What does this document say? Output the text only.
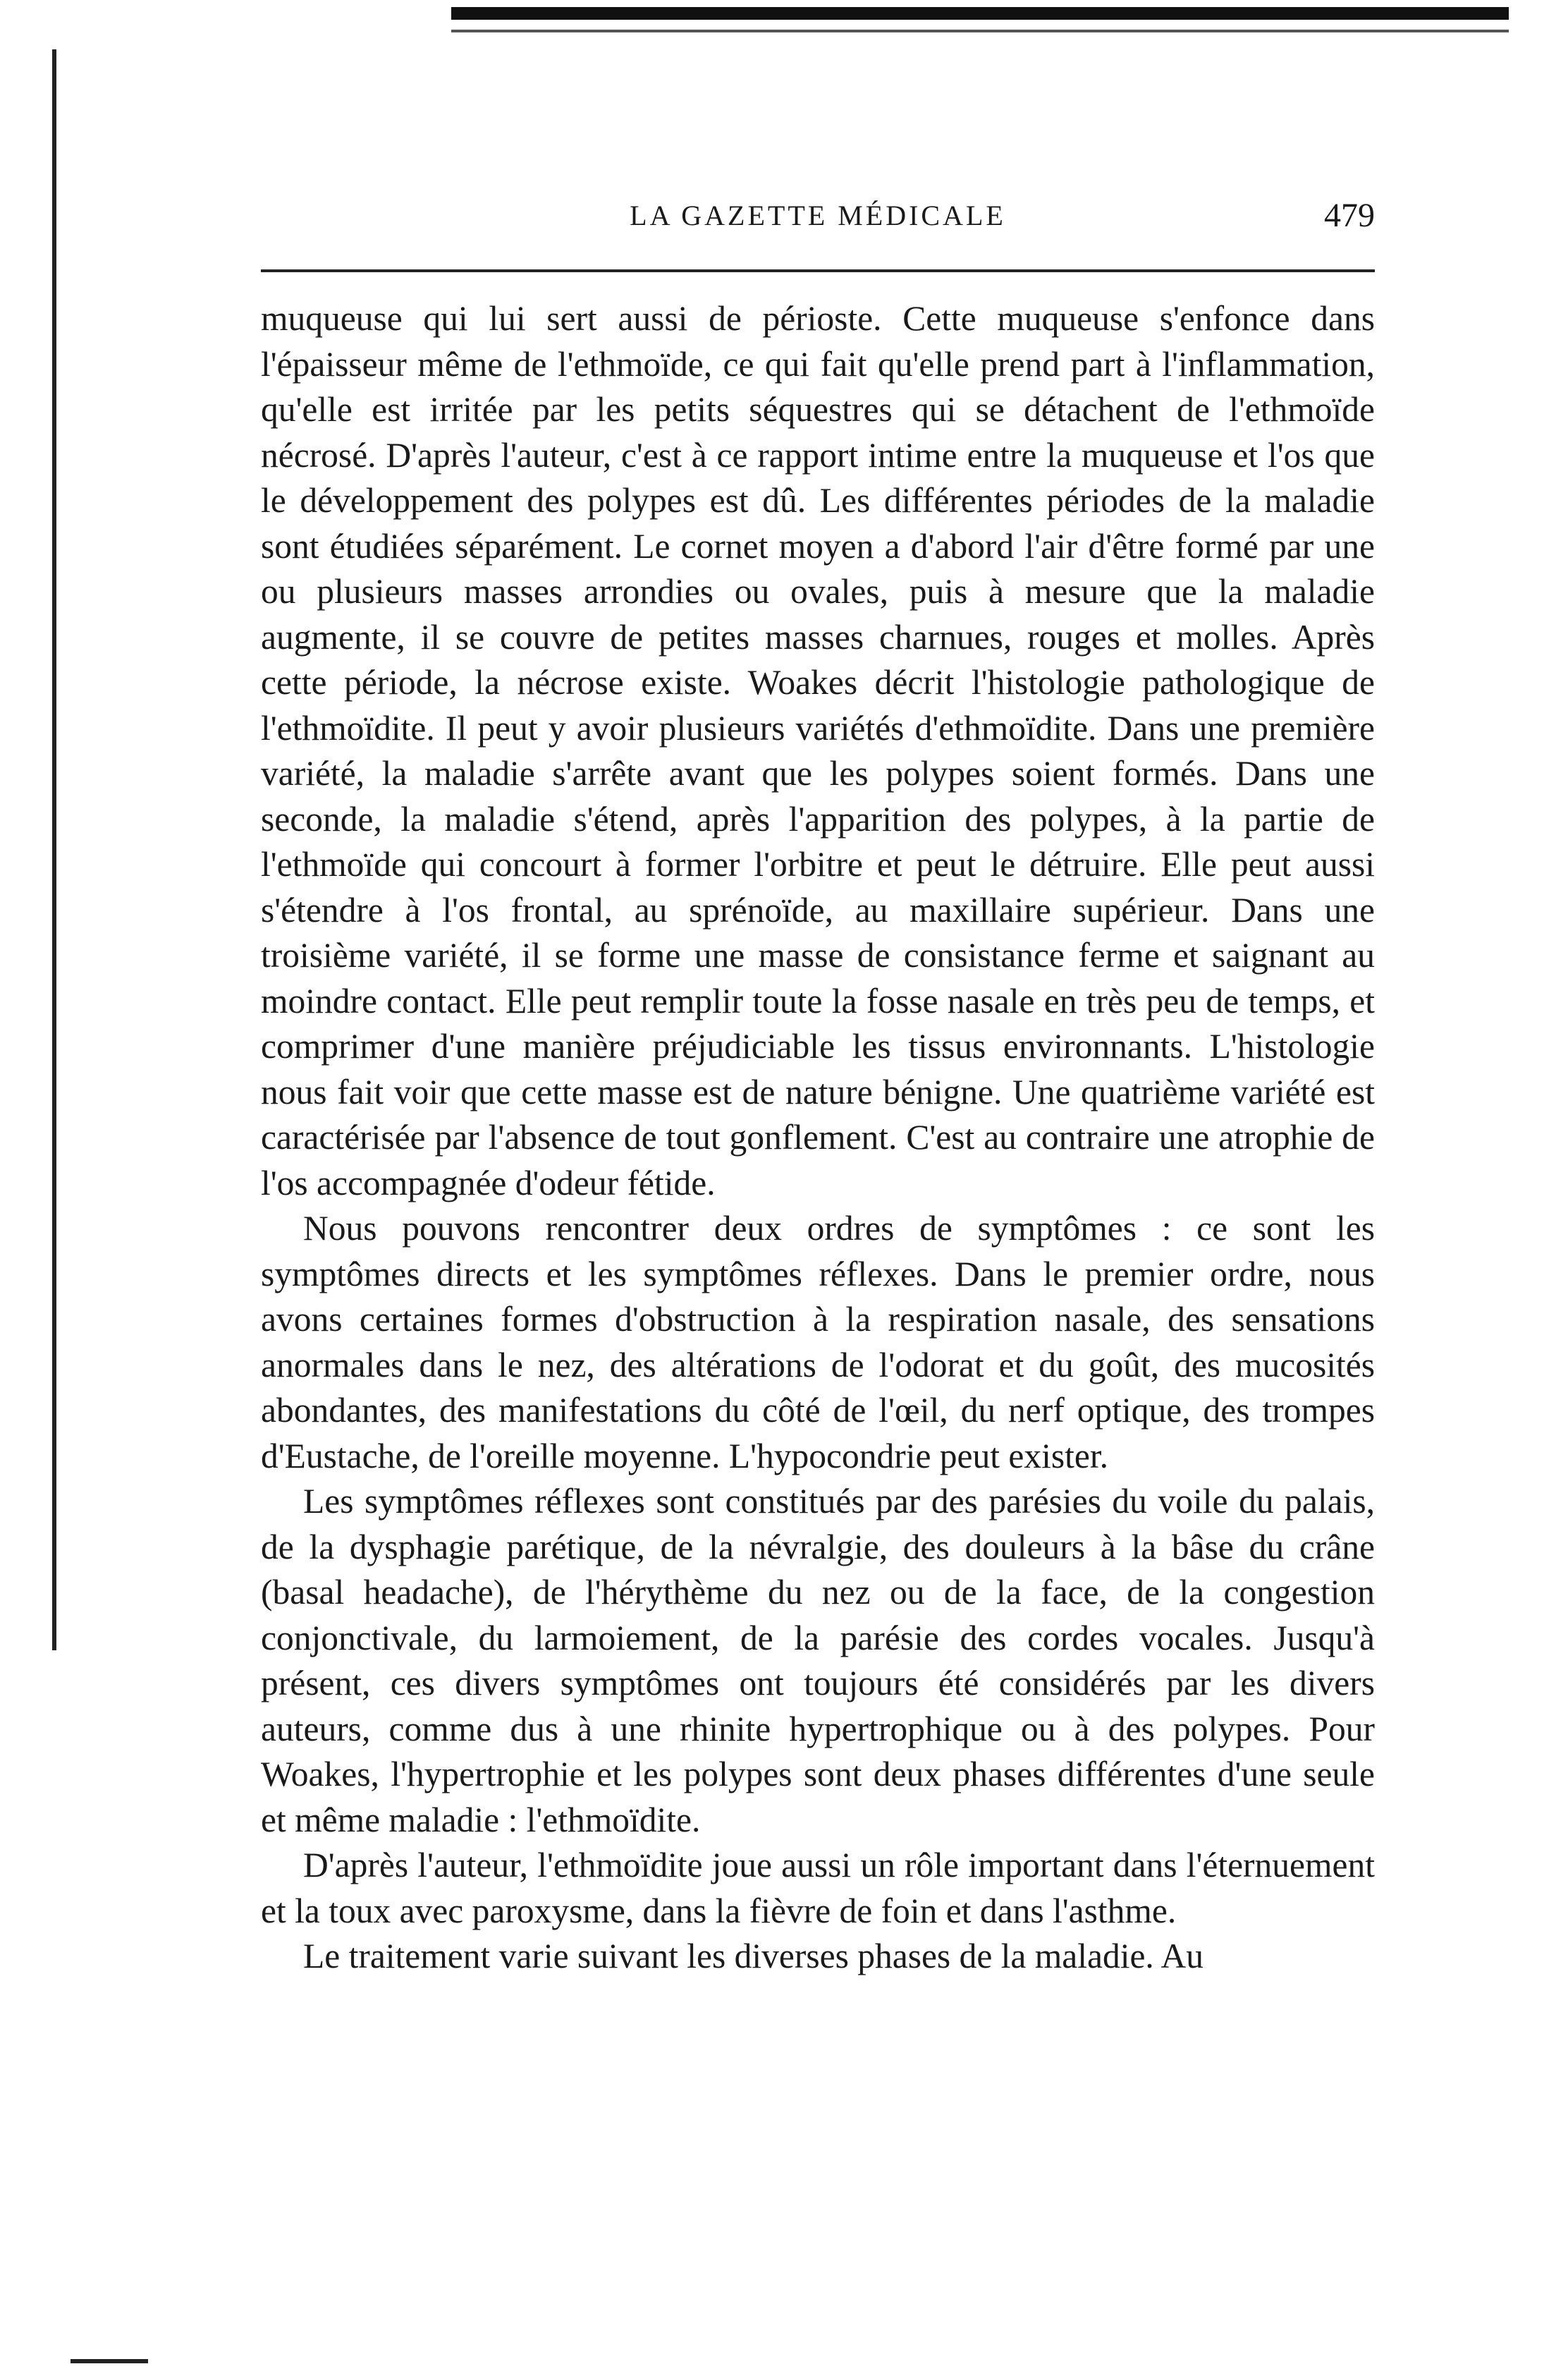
LA GAZETTE MÉDICALE	479

muqueuse qui lui sert aussi de périoste. Cette muqueuse s'enfonce dans l'épaisseur même de l'ethmoïde, ce qui fait qu'elle prend part à l'inflammation, qu'elle est irritée par les petits séquestres qui se détachent de l'ethmoïde nécrosé. D'après l'auteur, c'est à ce rapport intime entre la muqueuse et l'os que le développement des polypes est dû. Les différentes périodes de la maladie sont étudiées séparément. Le cornet moyen a d'abord l'air d'être formé par une ou plusieurs masses arrondies ou ovales, puis à mesure que la maladie augmente, il se couvre de petites masses charnues, rouges et molles. Après cette période, la nécrose existe. Woakes décrit l'histologie pathologique de l'ethmoïdite. Il peut y avoir plusieurs variétés d'ethmoïdite. Dans une première variété, la maladie s'arrête avant que les polypes soient formés. Dans une seconde, la maladie s'étend, après l'apparition des polypes, à la partie de l'ethmoïde qui concourt à former l'orbitre et peut le détruire. Elle peut aussi s'étendre à l'os frontal, au sprénoïde, au maxillaire supérieur. Dans une troisième variété, il se forme une masse de consistance ferme et saignant au moindre contact. Elle peut remplir toute la fosse nasale en très peu de temps, et comprimer d'une manière préjudiciable les tissus environnants. L'histologie nous fait voir que cette masse est de nature bénigne. Une quatrième variété est caractérisée par l'absence de tout gonflement. C'est au contraire une atrophie de l'os accompagnée d'odeur fétide.

Nous pouvons rencontrer deux ordres de symptômes : ce sont les symptômes directs et les symptômes réflexes. Dans le premier ordre, nous avons certaines formes d'obstruction à la respiration nasale, des sensations anormales dans le nez, des altérations de l'odorat et du goût, des mucosités abondantes, des manifestations du côté de l'œil, du nerf optique, des trompes d'Eustache, de l'oreille moyenne. L'hypocondrie peut exister.

Les symptômes réflexes sont constitués par des parésies du voile du palais, de la dysphagie parétique, de la névralgie, des douleurs à la bâse du crâne (basal headache), de l'hérythème du nez ou de la face, de la congestion conjonctivale, du larmoiement, de la parésie des cordes vocales. Jusqu'à présent, ces divers symptômes ont toujours été considérés par les divers auteurs, comme dus à une rhinite hypertrophique ou à des polypes. Pour Woakes, l'hypertrophie et les polypes sont deux phases différentes d'une seule et même maladie : l'ethmoïdite.

D'après l'auteur, l'ethmoïdite joue aussi un rôle important dans l'éternuement et la toux avec paroxysme, dans la fièvre de foin et dans l'asthme.

Le traitement varie suivant les diverses phases de la maladie. Au
